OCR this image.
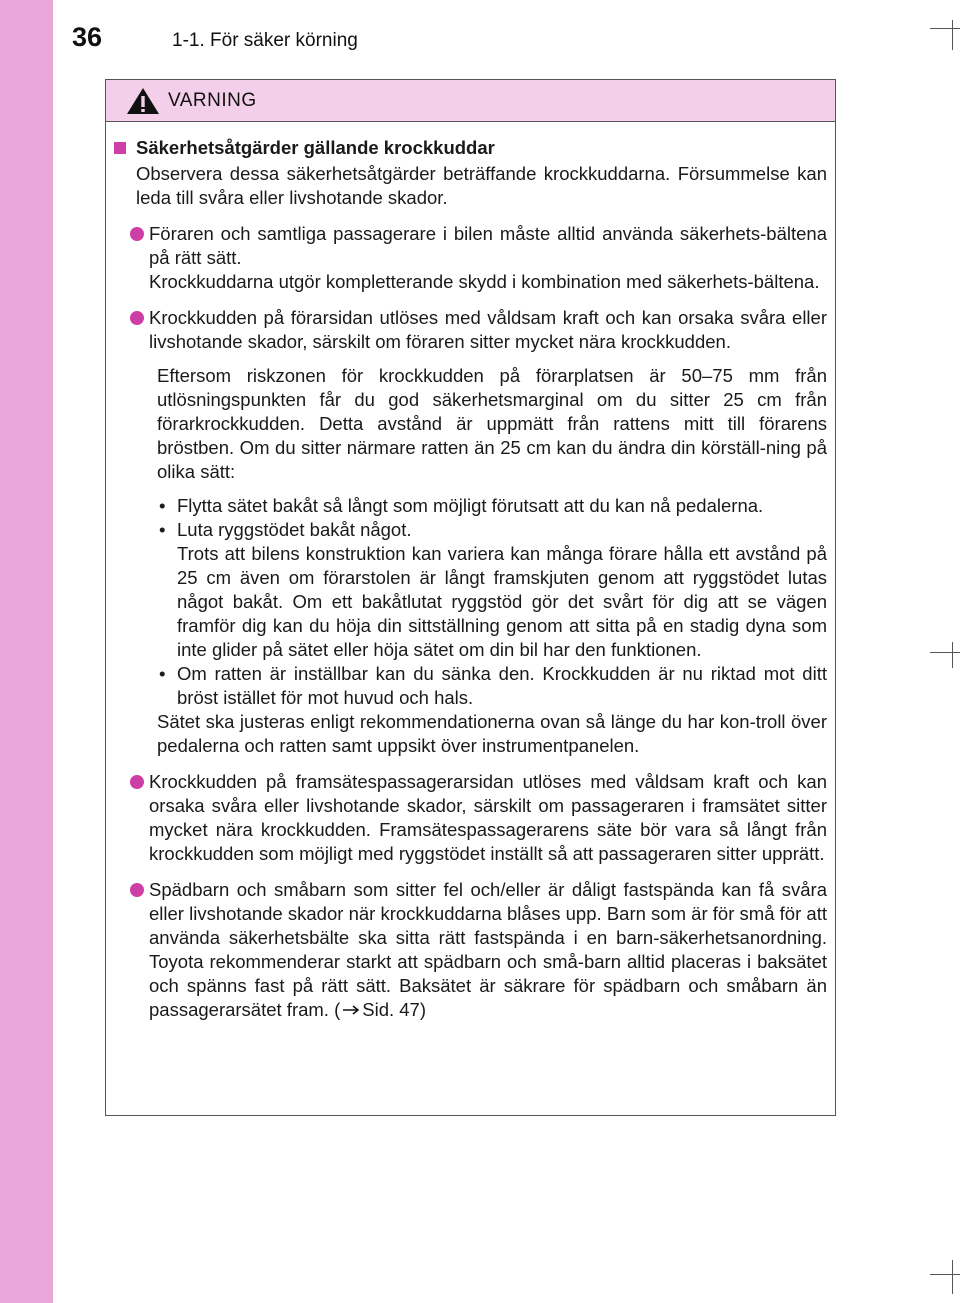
36	1-1. För säker körning
VARNING
Säkerhetsåtgärder gällande krockkuddar

Observera dessa säkerhetsåtgärder beträffande krockkuddarna. Försummelse kan leda till svåra eller livshotande skador.

Föraren och samtliga passagerare i bilen måste alltid använda säkerhets-bältena på rätt sätt.

Krockkuddarna utgör kompletterande skydd i kombination med säkerhets-bältena.

Krockkudden på förarsidan utlöses med våldsam kraft och kan orsaka svåra eller livshotande skador, särskilt om föraren sitter mycket nära krockkudden.

Eftersom riskzonen för krockkudden på förarplatsen är 50–75 mm från utlösningspunkten får du god säkerhetsmarginal om du sitter 25 cm från förarkrockkudden. Detta avstånd är uppmätt från rattens mitt till förarens bröstben. Om du sitter närmare ratten än 25 cm kan du ändra din körställ-ning på olika sätt:

• Flytta sätet bakåt så långt som möjligt förutsatt att du kan nå pedalerna.
• Luta ryggstödet bakåt något.
Trots att bilens konstruktion kan variera kan många förare hålla ett avstånd på 25 cm även om förarstolen är långt framskjuten genom att ryggstödet lutas något bakåt. Om ett bakåtlutat ryggstöd gör det svårt för dig att se vägen framför dig kan du höja din sittställning genom att sitta på en stadig dyna som inte glider på sätet eller höja sätet om din bil har den funktionen.
• Om ratten är inställbar kan du sänka den. Krockkudden är nu riktad mot ditt bröst istället för mot huvud och hals.

Sätet ska justeras enligt rekommendationerna ovan så länge du har kon-troll över pedalerna och ratten samt uppsikt över instrumentpanelen.

Krockkudden på framsätespassagerarsidan utlöses med våldsam kraft och kan orsaka svåra eller livshotande skador, särskilt om passageraren i framsätet sitter mycket nära krockkudden. Framsätespassagerarens säte bör vara så långt från krockkudden som möjligt med ryggstödet inställt så att passageraren sitter upprätt.

Spädbarn och småbarn som sitter fel och/eller är dåligt fastspända kan få svåra eller livshotande skador när krockkuddarna blåses upp. Barn som är för små för att använda säkerhetsbälte ska sitta rätt fastspända i en barn-säkerhetsanordning. Toyota rekommenderar starkt att spädbarn och små-barn alltid placeras i baksätet och spänns fast på rätt sätt. Baksätet är säkrare för spädbarn och småbarn än passagerarsätet fram. ( Sid. 47)
